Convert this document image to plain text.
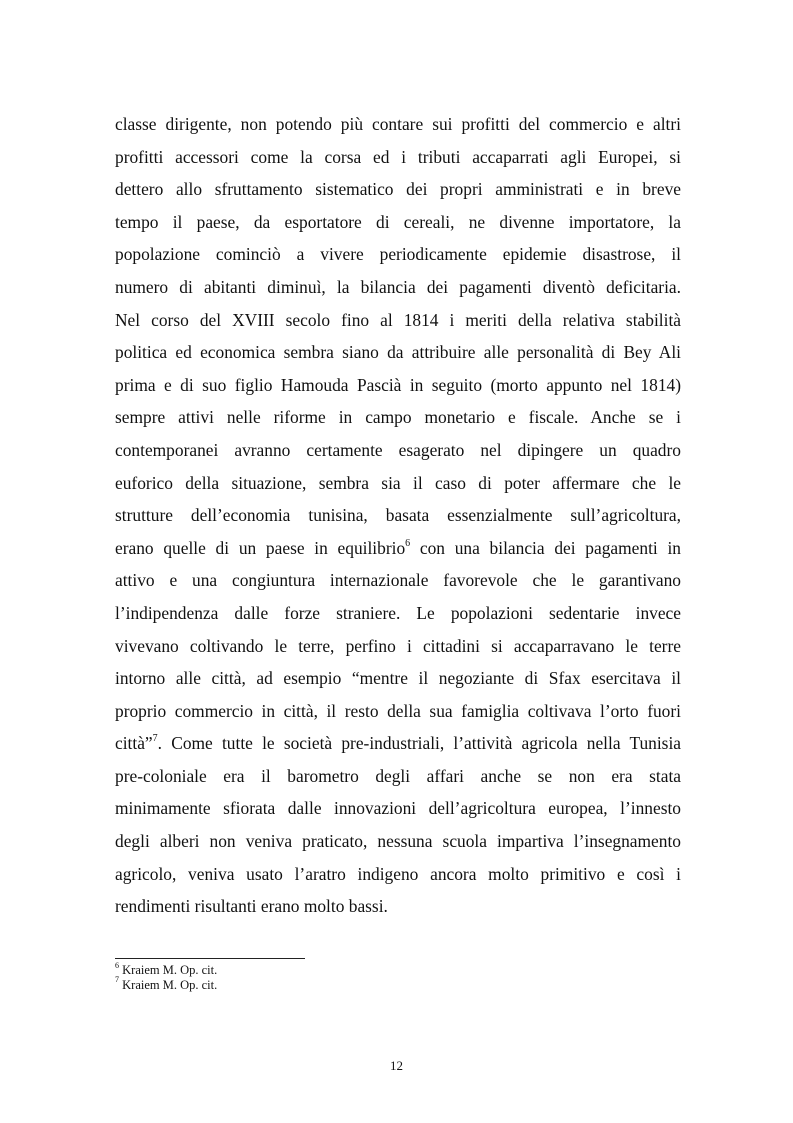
classe dirigente, non potendo più contare sui profitti del commercio e altri
profitti accessori come la corsa ed i tributi accaparrati agli Europei, si
dettero allo sfruttamento sistematico dei propri amministrati e in breve
tempo il paese, da esportatore di cereali, ne divenne importatore, la
popolazione cominciò a vivere periodicamente epidemie disastrose, il
numero di abitanti diminuì, la bilancia dei pagamenti diventò deficitaria.
Nel corso del XVIII secolo fino al 1814 i meriti della relativa stabilità
politica ed economica sembra siano da attribuire alle personalità di Bey Ali
prima e di suo figlio Hamouda Pascià in seguito (morto appunto nel 1814)
sempre attivi nelle riforme in campo monetario e fiscale. Anche se i
contemporanei avranno certamente esagerato nel dipingere un quadro
euforico della situazione, sembra sia il caso di poter affermare che le
strutture dell’economia tunisina, basata essenzialmente sull’agricoltura,
erano quelle di un paese in equilibrio$^6$ con una bilancia dei pagamenti in
attivo e una congiuntura internazionale favorevole che le garantivano
l’indipendenza dalle forze straniere. Le popolazioni sedentarie invece
vivevano coltivando le terre, perfino i cittadini si accaparravano le terre
intorno alle città, ad esempio “mentre il negoziante di Sfax esercitava il
proprio commercio in città, il resto della sua famiglia coltivava l’orto fuori
città”$^7$. Come tutte le società pre-industriali, l’attività agricola nella Tunisia
pre-coloniale era il barometro degli affari anche se non era stata
minimamente sfiorata dalle innovazioni dell’agricoltura europea, l’innesto
degli alberi non veniva praticato, nessuna scuola impartiva l’insegnamento
agricolo, veniva usato l’aratro indigeno ancora molto primitivo e così i
rendimenti risultanti erano molto bassi.
$^6$ Kraiem M. Op. cit.
$^7$ Kraiem M. Op. cit.
12
